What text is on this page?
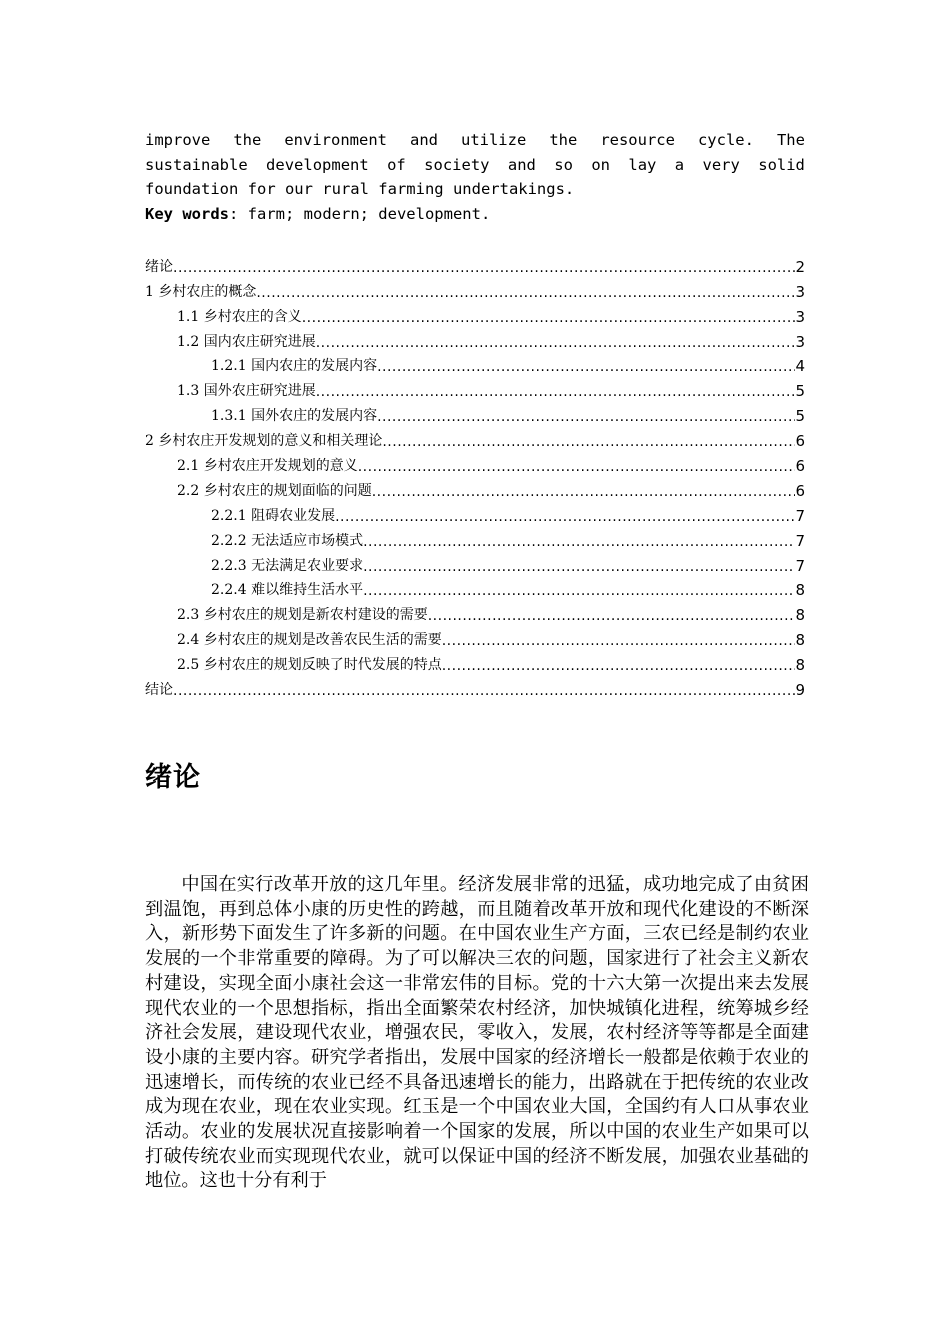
improve the environment and utilize the resource cycle. The
sustainable development of society and so on lay a very solid
foundation for our rural farming undertakings.
Key words: farm; modern; development.
绪论 .....	2
1 乡村农庄的概念 .....	3
1.1 乡村农庄的含义 .....	3
1.2 国内农庄研究进展 .....	3
1.2.1 国内农庄的发展内容 .....	4
1.3 国外农庄研究进展 .....	5
1.3.1 国外农庄的发展内容 .....	5
2 乡村农庄开发规划的意义和相关理论 .....	6
2.1 乡村农庄开发规划的意义 .....	6
2.2 乡村农庄的规划面临的问题 .....	6
2.2.1 阻碍农业发展 .....	7
2.2.2 无法适应市场模式 .....	7
2.2.3 无法满足农业要求 .....	7
2.2.4 难以维持生活水平 .....	8
2.3 乡村农庄的规划是新农村建设的需要 .....	8
2.4 乡村农庄的规划是改善农民生活的需要 .....	8
2.5 乡村农庄的规划反映了时代发展的特点 .....	8
结论 .....	9
绪论

中国在实行改革开放的这几年里。经济发展非常的迅猛，成功地完成了由贫困到温饱，再到总体小康的历史性的跨越，而且随着改革开放和现代化建设的不断深入，新形势下面发生了许多新的问题。在中国农业生产方面，三农已经是制约农业发展的一个非常重要的障碍。为了可以解决三农的问题，国家进行了社会主义新农村建设，实现全面小康社会这一非常宏伟的目标。党的十六大第一次提出来去发展现代农业的一个思想指标，指出全面繁荣农村经济，加快城镇化进程，统筹城乡经济社会发展，建设现代农业，增强农民，零收入，发展，农村经济等等都是全面建设小康的主要内容。研究学者指出，发展中国家的经济增长一般都是依赖于农业的迅速增长，而传统的农业已经不具备迅速增长的能力，出路就在于把传统的农业改成为现在农业，现在农业实现。红玉是一个中国农业大国，全国约有人口从事农业活动。农业的发展状况直接影响着一个国家的发展，所以中国的农业生产如果可以打破传统农业而实现现代农业，就可以保证中国的经济不断发展，加强农业基础的地位。这也十分有利于
